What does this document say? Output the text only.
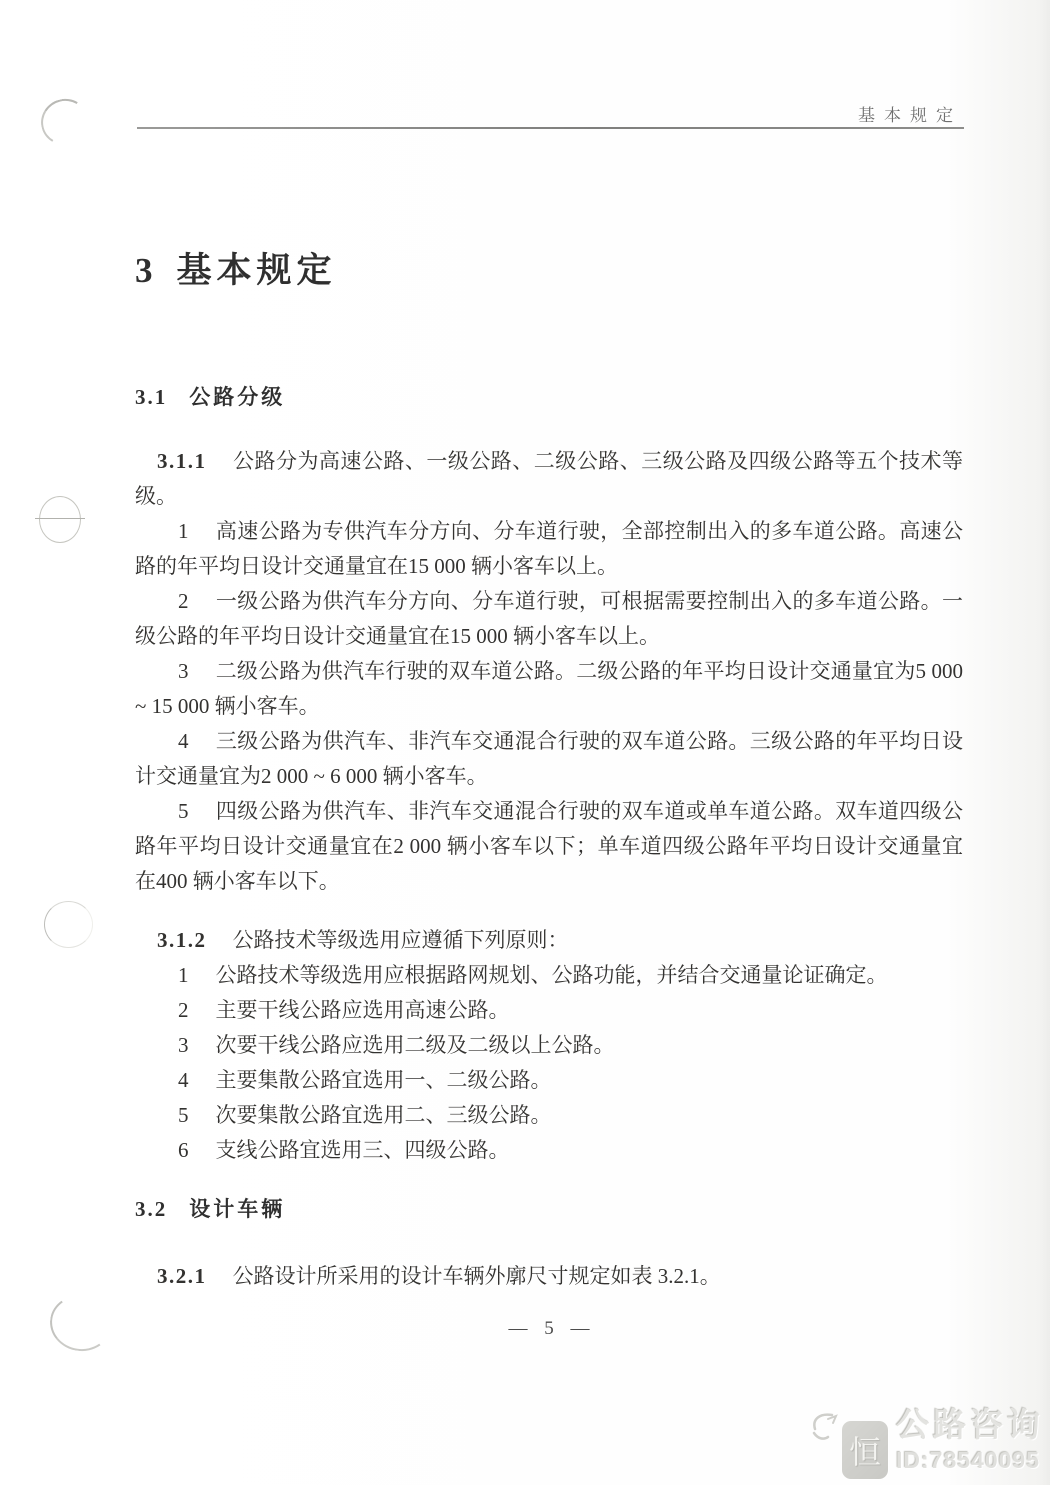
基本规定
3 基本规定
3.1 公路分级

3.1.1 公路分为高速公路、一级公路、二级公路、三级公路及四级公路等五个技术等级。

1 高速公路为专供汽车分方向、分车道行驶，全部控制出入的多车道公路。高速公路的年平均日设计交通量宜在15 000 辆小客车以上。

2 一级公路为供汽车分方向、分车道行驶，可根据需要控制出入的多车道公路。一级公路的年平均日设计交通量宜在15 000 辆小客车以上。

3 二级公路为供汽车行驶的双车道公路。二级公路的年平均日设计交通量宜为5 000 ~ 15 000 辆小客车。

4 三级公路为供汽车、非汽车交通混合行驶的双车道公路。三级公路的年平均日设计交通量宜为2 000 ~ 6 000 辆小客车。

5 四级公路为供汽车、非汽车交通混合行驶的双车道或单车道公路。双车道四级公路年平均日设计交通量宜在2 000 辆小客车以下；单车道四级公路年平均日设计交通量宜在400 辆小客车以下。

3.1.2 公路技术等级选用应遵循下列原则：

1 公路技术等级选用应根据路网规划、公路功能，并结合交通量论证确定。

2 主要干线公路应选用高速公路。

3 次要干线公路应选用二级及二级以上公路。

4 主要集散公路宜选用一、二级公路。

5 次要集散公路宜选用二、三级公路。

6 支线公路宜选用三、四级公路。

3.2 设计车辆

3.2.1 公路设计所采用的设计车辆外廓尺寸规定如表 3.2.1。

— 5 —
恒
公路咨询
ID:78540095
